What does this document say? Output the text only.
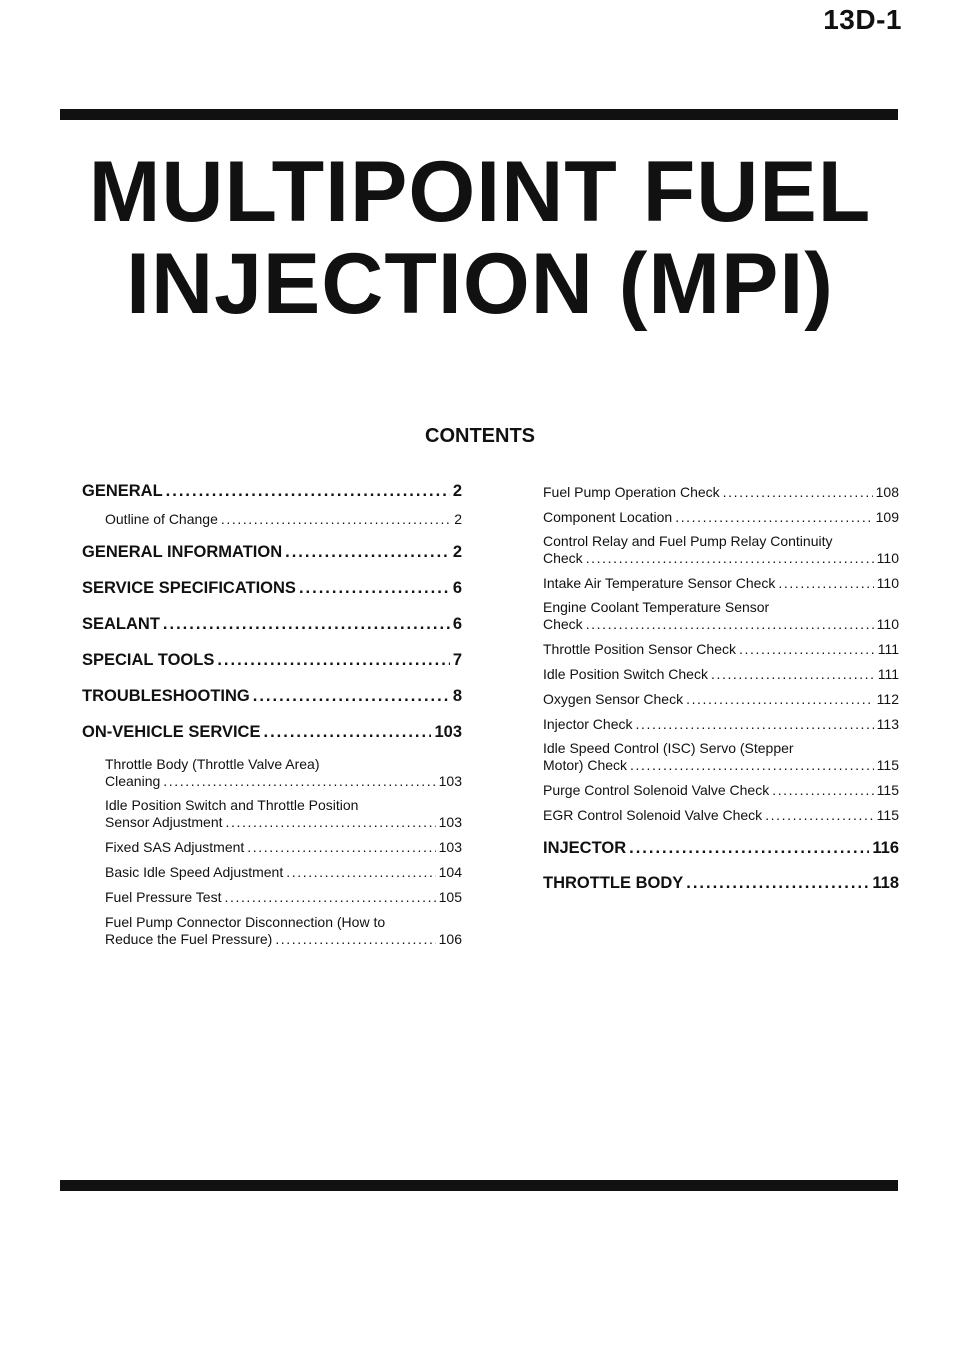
13D-1
MULTIPOINT FUEL
INJECTION (MPI)
CONTENTS
GENERAL .....	2
Outline of Change .....	2
GENERAL INFORMATION .....	2
SERVICE SPECIFICATIONS .....	6
SEALANT .....	6
SPECIAL TOOLS .....	7
TROUBLESHOOTING .....	8
ON-VEHICLE SERVICE .....	103
Throttle Body (Throttle Valve Area)
Cleaning .....	103
Idle Position Switch and Throttle Position
Sensor Adjustment .....	103
Fixed SAS Adjustment .....	103
Basic Idle Speed Adjustment .....	104
Fuel Pressure Test .....	105
Fuel Pump Connector Disconnection (How to
Reduce the Fuel Pressure) .....	106
Fuel Pump Operation Check .....	108
Component Location .....	109
Control Relay and Fuel Pump Relay Continuity
Check .....	110
Intake Air Temperature Sensor Check .....	110
Engine Coolant Temperature Sensor
Check .....	110
Throttle Position Sensor Check .....	111
Idle Position Switch Check .....	111
Oxygen Sensor Check .....	112
Injector Check .....	113
Idle Speed Control (ISC) Servo (Stepper
Motor) Check .....	115
Purge Control Solenoid Valve Check .....	115
EGR Control Solenoid Valve Check .....	115
INJECTOR .....	116
THROTTLE BODY .....	118
